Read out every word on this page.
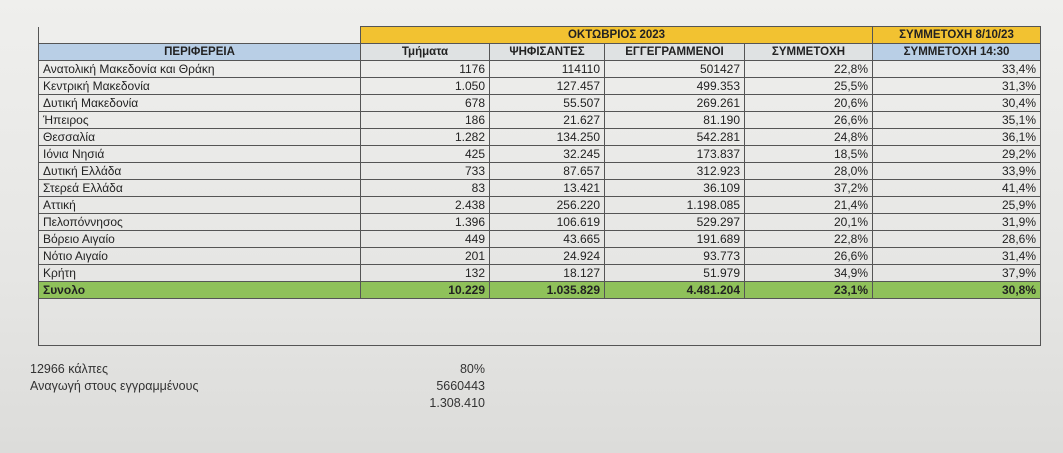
	ΟΚΤΩΒΡΙΟΣ 2023				ΣΥΜΜΕΤΟΧΗ 8/10/23
ΠΕΡΙΦΕΡΕΙΑ	Τμήματα	ΨΗΦΙΣΑΝΤΕΣ	ΕΓΓΕΓΡΑΜΜΕΝΟΙ	ΣΥΜΜΕΤΟΧΗ	ΣΥΜΜΕΤΟΧΗ 14:30
Ανατολική Μακεδονία και Θράκη	1176	114110	501427	22,8%	33,4%
Κεντρική Μακεδονία	1.050	127.457	499.353	25,5%	31,3%
Δυτική Μακεδονία	678	55.507	269.261	20,6%	30,4%
Ήπειρος	186	21.627	81.190	26,6%	35,1%
Θεσσαλία	1.282	134.250	542.281	24,8%	36,1%
Ιόνια Νησιά	425	32.245	173.837	18,5%	29,2%
Δυτική Ελλάδα	733	87.657	312.923	28,0%	33,9%
Στερεά Ελλάδα	83	13.421	36.109	37,2%	41,4%
Αττική	2.438	256.220	1.198.085	21,4%	25,9%
Πελοπόννησος	1.396	106.619	529.297	20,1%	31,9%
Βόρειο Αιγαίο	449	43.665	191.689	22,8%	28,6%
Νότιο Αιγαίο	201	24.924	93.773	26,6%	31,4%
Κρήτη	132	18.127	51.979	34,9%	37,9%
Συνολο	10.229	1.035.829	4.481.204	23,1%	30,8%

12966 κάλπες	80%
Αναγωγή στους εγγραμμένους	5660443
1.308.410
